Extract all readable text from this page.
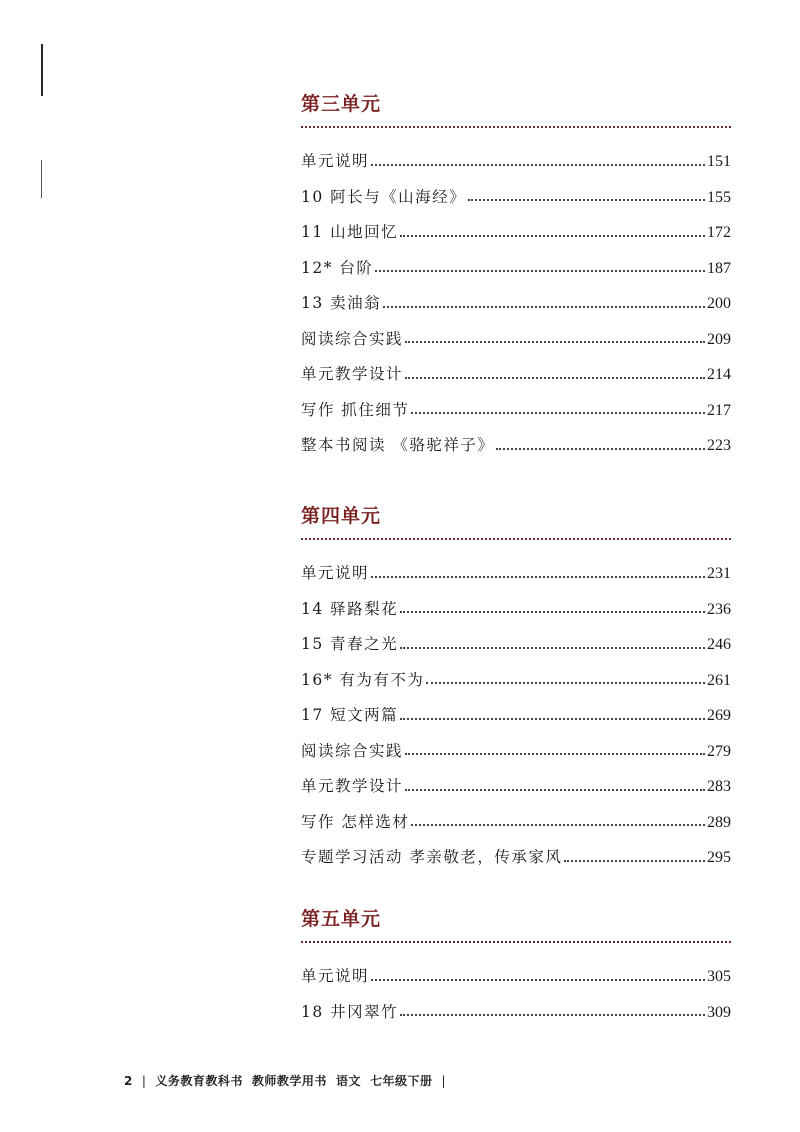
第三单元
单元说明	151
10 阿长与《山海经》	155
11 山地回忆	172
12* 台阶	187
13 卖油翁	200
阅读综合实践	209
单元教学设计	214
写作 抓住细节	217
整本书阅读 《骆驼祥子》	223
第四单元
单元说明	231
14 驿路梨花	236
15 青春之光	246
16* 有为有不为	261
17 短文两篇	269
阅读综合实践	279
单元教学设计	283
写作 怎样选材	289
专题学习活动 孝亲敬老，传承家风	295
第五单元
单元说明	305
18 井冈翠竹	309
2 | 义务教育教科书 教师教学用书 语文 七年级下册 |
